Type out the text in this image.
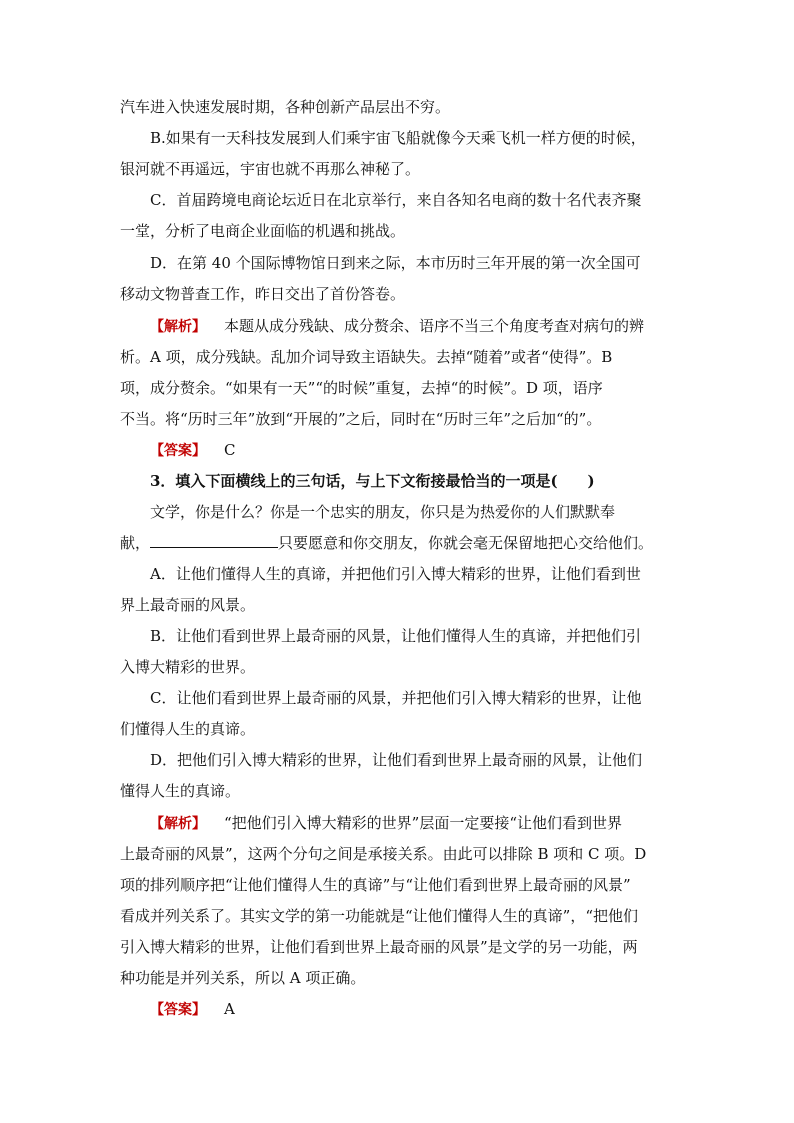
汽车进入快速发展时期，各种创新产品层出不穷。
B.如果有一天科技发展到人们乘宇宙飞船就像今天乘飞机一样方便的时候，
银河就不再遥远，宇宙也就不再那么神秘了。
C．首届跨境电商论坛近日在北京举行，来自各知名电商的数十名代表齐聚
一堂，分析了电商企业面临的机遇和挑战。
D．在第 40 个国际博物馆日到来之际，本市历时三年开展的第一次全国可
移动文物普查工作，昨日交出了首份答卷。
【解析】 本题从成分残缺、成分赘余、语序不当三个角度考查对病句的辨
析。A 项，成分残缺。乱加介词导致主语缺失。去掉“随着”或者“使得”。B
项，成分赘余。“如果有一天”“的时候”重复，去掉“的时候”。D 项，语序
不当。将“历时三年”放到“开展的”之后，同时在“历时三年”之后加“的”。
【答案】 C
3．填入下面横线上的三句话，与上下文衔接最恰当的一项是(　　)
文学，你是什么？你是一个忠实的朋友，你只是为热爱你的人们默默奉
献，	只要愿意和你交朋友，你就会毫无保留地把心交给他们。
A．让他们懂得人生的真谛，并把他们引入博大精彩的世界，让他们看到世
界上最奇丽的风景。
B．让他们看到世界上最奇丽的风景，让他们懂得人生的真谛，并把他们引
入博大精彩的世界。
C．让他们看到世界上最奇丽的风景，并把他们引入博大精彩的世界，让他
们懂得人生的真谛。
D．把他们引入博大精彩的世界，让他们看到世界上最奇丽的风景，让他们
懂得人生的真谛。
【解析】 “把他们引入博大精彩的世界”层面一定要接“让他们看到世界
上最奇丽的风景”，这两个分句之间是承接关系。由此可以排除 B 项和 C 项。D
项的排列顺序把“让他们懂得人生的真谛”与“让他们看到世界上最奇丽的风景”
看成并列关系了。其实文学的第一功能就是“让他们懂得人生的真谛”，“把他们
引入博大精彩的世界，让他们看到世界上最奇丽的风景”是文学的另一功能，两
种功能是并列关系，所以 A 项正确。
【答案】 A
